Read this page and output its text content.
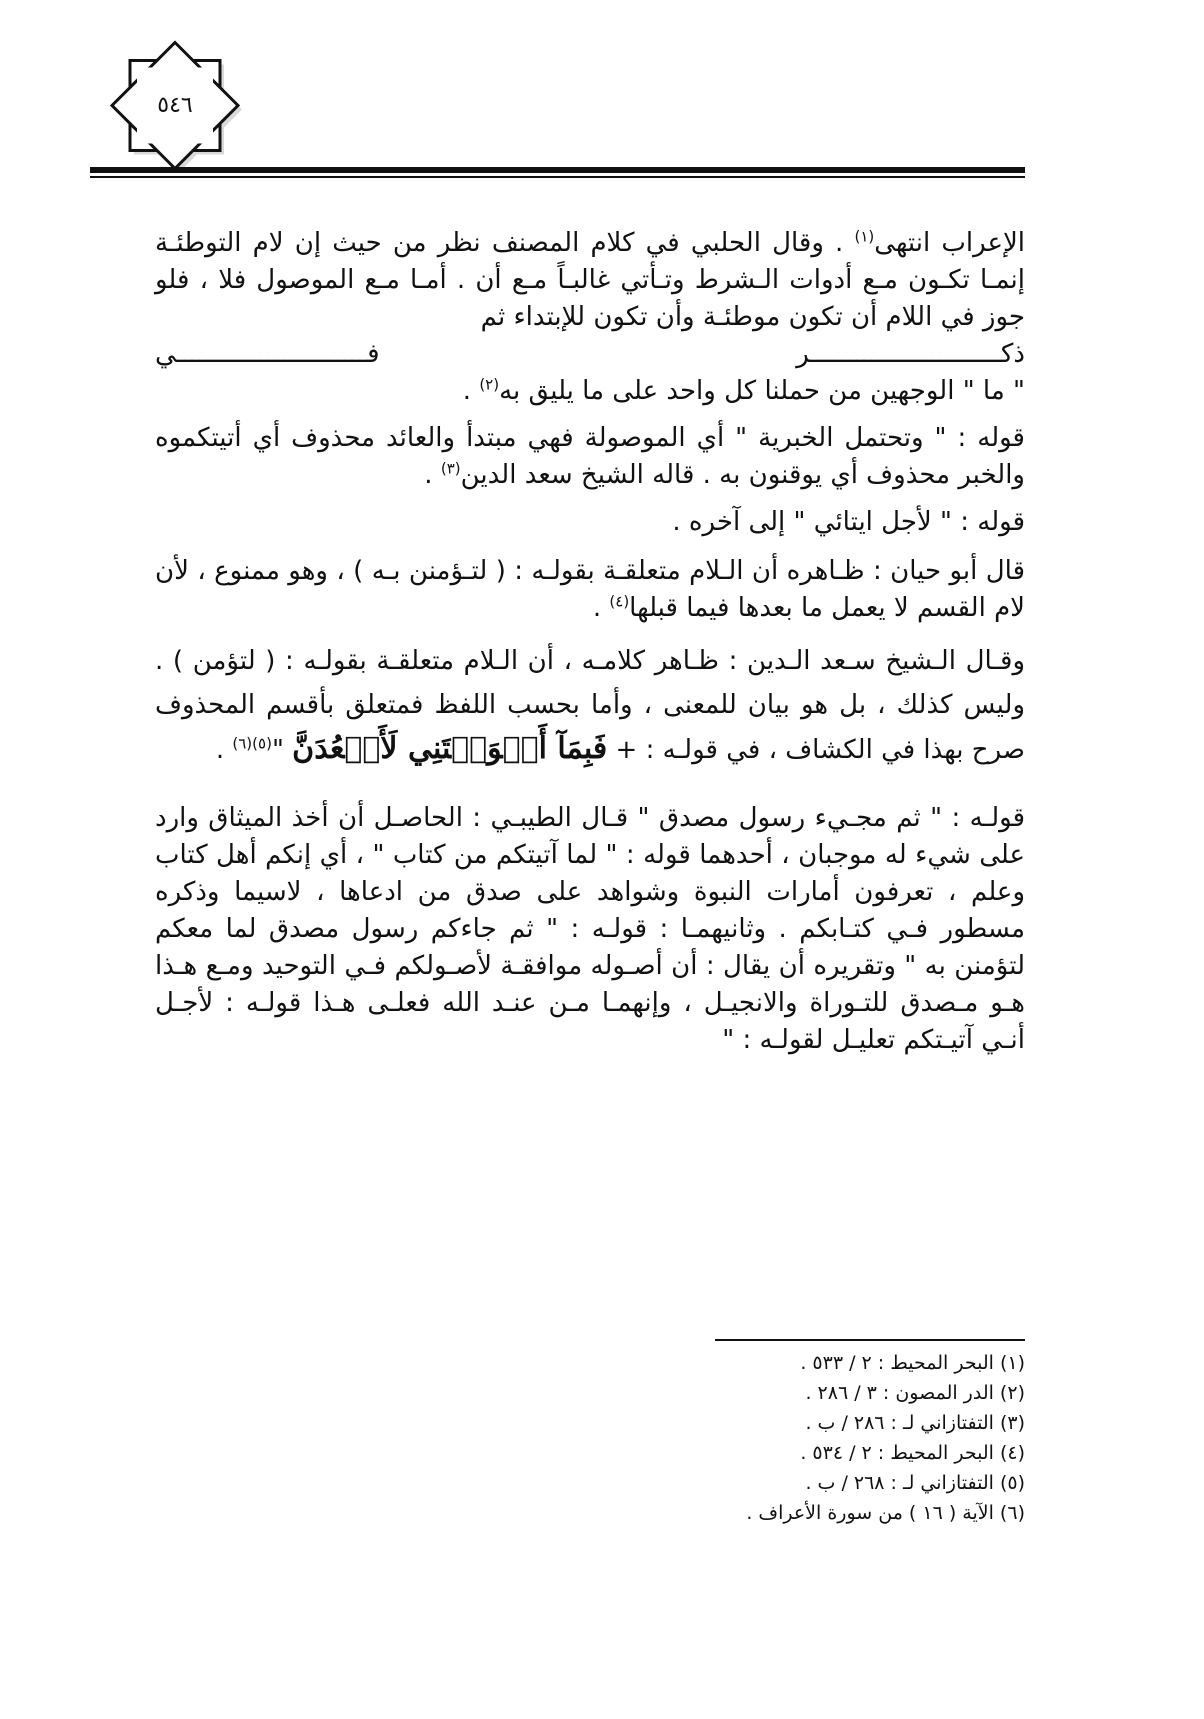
٥٤٦

الإعراب انتهى$^{(١)}$ . وقال الحلبي في كلام المصنف نظر من حيث إن لام التوطئـة إنمـا تكـون مـع أدوات الـشرط وتـأتي غالبـاً مـع أن . أمـا مـع الموصول فلا ، فلو جوز في اللام أن تكون موطئـة وأن تكون للإبتداء ثم
ذكـــــــــــــــــــــــــر فـــــــــــــــــــــــــي
" ما " الوجهين من حملنا كل واحد على ما يليق به$^{(٢)}$ .

قوله : " وتحتمل الخبرية " أي الموصولة فهي مبتدأ والعائد محذوف أي أتيتكموه والخبر محذوف أي يوقنون به . قاله الشيخ سعد الدين$^{(٣)}$ .

قوله : " لأجل ايتائي " إلى آخره .

قال أبو حيان : ظـاهره أن الـلام متعلقـة بقولـه : ( لتـؤمنن بـه ) ، وهو ممنوع ، لأن لام القسم لا يعمل ما بعدها فيما قبلها$^{(٤)}$ .

وقـال الـشيخ سـعد الـدين : ظـاهر كلامـه ، أن الـلام متعلقـة بقولـه : ( لتؤمن ) . وليس كذلك ، بل هو بيان للمعنى ، وأما بحسب اللفظ فمتعلق بأقسم المحذوف صرح بهذا في الكشاف ، في قولـه : + فَبِمَآ أَغۡوَيۡتَنِي لَأَقۡعُدَنَّ "$^{(٥)(٦)}$ .

قولـه : " ثم مجـيء رسول مصدق " قـال الطيبـي : الحاصـل أن أخذ الميثاق وارد على شيء له موجبان ، أحدهما قوله : " لما آتيتكم من كتاب " ، أي إنكم أهل كتاب وعلم ، تعرفون أمارات النبوة وشواهد على صدق من ادعاها ، لاسيما وذكره مسطور فـي كتـابكم . وثانيهمـا : قولـه : " ثم جاءكم رسول مصدق لما معكم لتؤمنن به " وتقريره أن يقال : أن أصـوله موافقـة لأصـولكم فـي التوحيد ومـع هـذا هـو مـصدق للتـوراة والانجيـل ، وإنهمـا مـن عنـد الله فعلـى هـذا قولـه : لأجـل أنـي آتيـتكم تعليـل لقولـه : "

(١) البحر المحيط : ٢ / ٥٣٣ .

(٢) الدر المصون : ٣ / ٢٨٦ .

(٣) التفتازاني لـ : ٢٨٦ / ب .

(٤) البحر المحيط : ٢ / ٥٣٤ .

(٥) التفتازاني لـ : ٢٦٨ / ب .

(٦) الآية ( ١٦ ) من سورة الأعراف .
